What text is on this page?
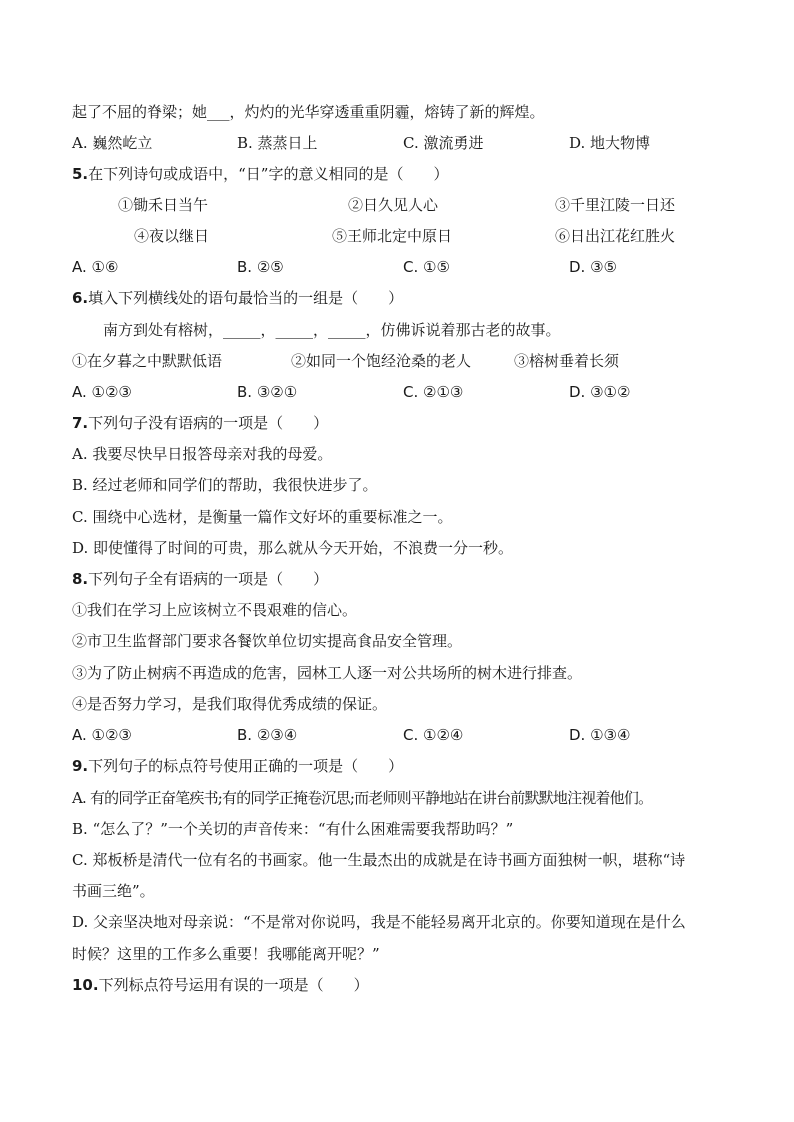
起了不屈的脊梁；她___，灼灼的光华穿透重重阴霾，熔铸了新的辉煌。
A. 巍然屹立	B. 蒸蒸日上	C. 激流勇进	D. 地大物博
5.在下列诗句或成语中，“日”字的意义相同的是（　　）
①锄禾日当午	②日久见人心	③千里江陵一日还
④夜以继日	⑤王师北定中原日	⑥日出江花红胜火
A. ①⑥	B. ②⑤	C. ①⑤	D. ③⑤
6.填入下列横线处的语句最恰当的一组是（　　）
南方到处有榕树，_____，_____，_____，仿佛诉说着那古老的故事。
①在夕暮之中默默低语	②如同一个饱经沧桑的老人	③榕树垂着长须
A. ①②③	B. ③②①	C. ②①③	D. ③①②
7.下列句子没有语病的一项是（　　）
A. 我要尽快早日报答母亲对我的母爱。
B. 经过老师和同学们的帮助，我很快进步了。
C. 围绕中心选材，是衡量一篇作文好坏的重要标准之一。
D. 即使懂得了时间的可贵，那么就从今天开始，不浪费一分一秒。
8.下列句子全有语病的一项是（　　）
①我们在学习上应该树立不畏艰难的信心。
②市卫生监督部门要求各餐饮单位切实提高食品安全管理。
③为了防止树病不再造成的危害，园林工人逐一对公共场所的树木进行排查。
④是否努力学习，是我们取得优秀成绩的保证。
A. ①②③	B. ②③④	C. ①②④	D. ①③④
9.下列句子的标点符号使用正确的一项是（　　）
A. 有的同学正奋笔疾书;有的同学正掩卷沉思;而老师则平静地站在讲台前默默地注视着他们。
B. “怎么了？”一个关切的声音传来：“有什么困难需要我帮助吗？”
C. 郑板桥是清代一位有名的书画家。他一生最杰出的成就是在诗书画方面独树一帜，堪称“诗
书画三绝”。
D. 父亲坚决地对母亲说：“不是常对你说吗，我是不能轻易离开北京的。你要知道现在是什么
时候？这里的工作多么重要！我哪能离开呢？”
10.下列标点符号运用有误的一项是（　　）
